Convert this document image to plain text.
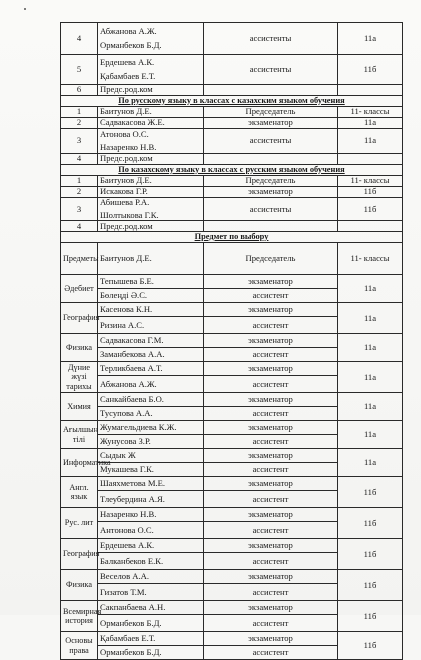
4	Абжанова А.Ж.
Орманбеков Б.Д.	ассистенты	11а
5	Ердешева А.К.
Қабамбаев Е.Т.	ассистенты	11б
6	Предс.род.ком		

По русскому языку в классах с казахским языком обучения			
1	Баитунов Д.Е.	Председатель	11- классы
2	Садвакасова Ж.Е.	экзаменатор	11а
3	Атонова О.С.
Назаренко Н.В.	ассистенты	11а
4	Предс.род.ком		

По казахскому языку в классах с русским языком обучения			
1	Баитунов Д.Е.	Председатель	11- классы
2	Искакова Г.Р.	экзаменатор	11б
3	Абишева Р.А.
Шолтыкова Г.К.	ассистенты	11б
4	Предс.род.ком		

Предмет по выбору			
Предметы	Баитунов Д.Е.	Председатель	11- классы
Әдебиет	Тепышева Б.Е.	экзаменатор	11а
	Бөлеңді Ә.С.	ассистент	
География	Касенова К.Н.	экзаменатор	11а
	Ризина А.С.	ассистент	
Физика	Садвакасова Г.М.	экзаменатор	11а
	Заманбекова А.А.	ассистент	
Дүние жүзі тарихы	Терликбаева А.Т.	экзаменатор	11а
	Абжанова А.Ж.	ассистент	
Химия	Санкайбаева Б.О.	экзаменатор	11а
	Тусупова А.А.	ассистент	
Ағылшын тілі	Жумагельдиева К.Ж.	экзаменатор	11а
	Жунусова З.Р.	ассистент	
Информатика	Сыдык Ж	экзаменатор	11а
	Мукашева Г.К.	ассистент	
Англ. язык	Шаяхметова М.Е.	экзаменатор	11б
	Тлеубердина А.Я.	ассистент	
Рус. лит	Назаренко Н.В.	экзаменатор	11б
	Антонова О.С.	ассистент	
География	Ердешева А.К.	экзаменатор	11б
	Балканбеков Е.К.	ассистент	
Физика	Веселов А.А.	экзаменатор	11б
	Гизатов Т.М.	ассистент	
Всемирная история	Сакпанбаева А.Н.	экзаменатор	11б
	Орманбеков Б.Д.	ассистент	
Основы права	Қабамбаев Е.Т.	экзаменатор	11б
	Орманбеков Б.Д.	ассистент	
